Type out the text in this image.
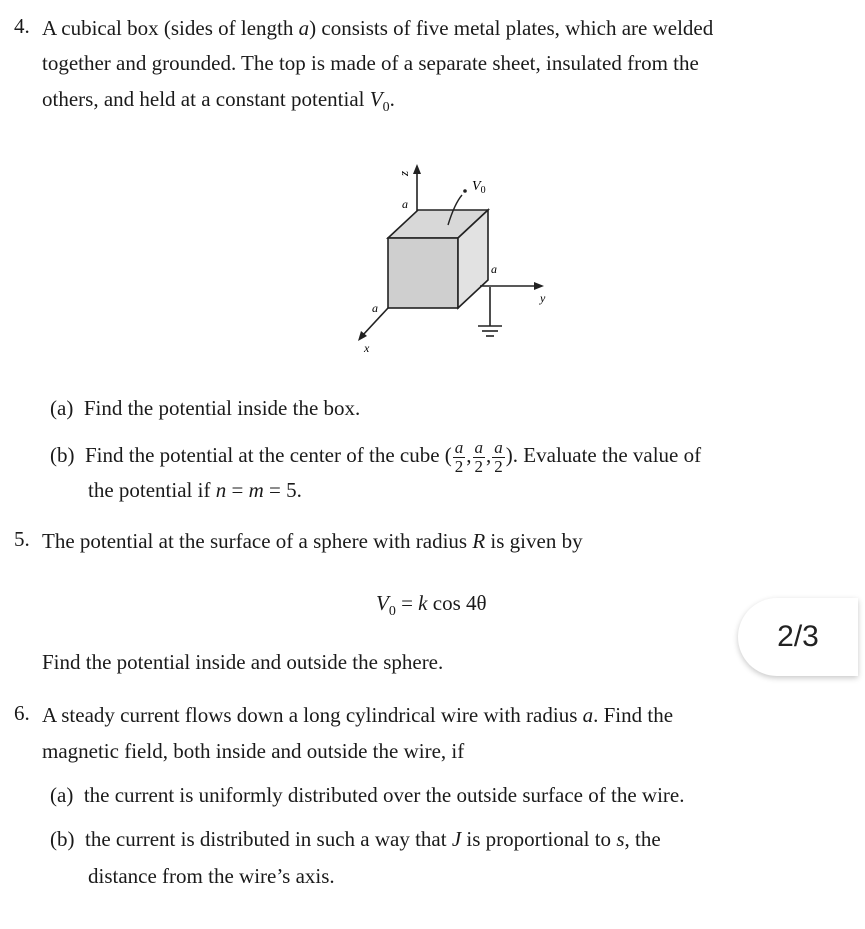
4. A cubical box (sides of length a) consists of five metal plates, which are welded
together and grounded. The top is made of a separate sheet, insulated from the
others, and held at a constant potential $V_0$.
z
a
$V_0$
a
y
x
a
(a) Find the potential inside the box.
(b) Find the potential at the center of the cube ( $\frac{a}{2}$ , $\frac{a}{2}$ , $\frac{a}{2}$ ). Evaluate the value of
the potential if n = m = 5.
5. The potential at the surface of a sphere with radius R is given by
$V_0 = k$ cos 4θ
Find the potential inside and outside the sphere.
2/3
6. A steady current flows down a long cylindrical wire with radius a. Find the
magnetic field, both inside and outside the wire, if
(a) the current is uniformly distributed over the outside surface of the wire.
(b) the current is distributed in such a way that J is proportional to s, the
distance from the wire’s axis.
